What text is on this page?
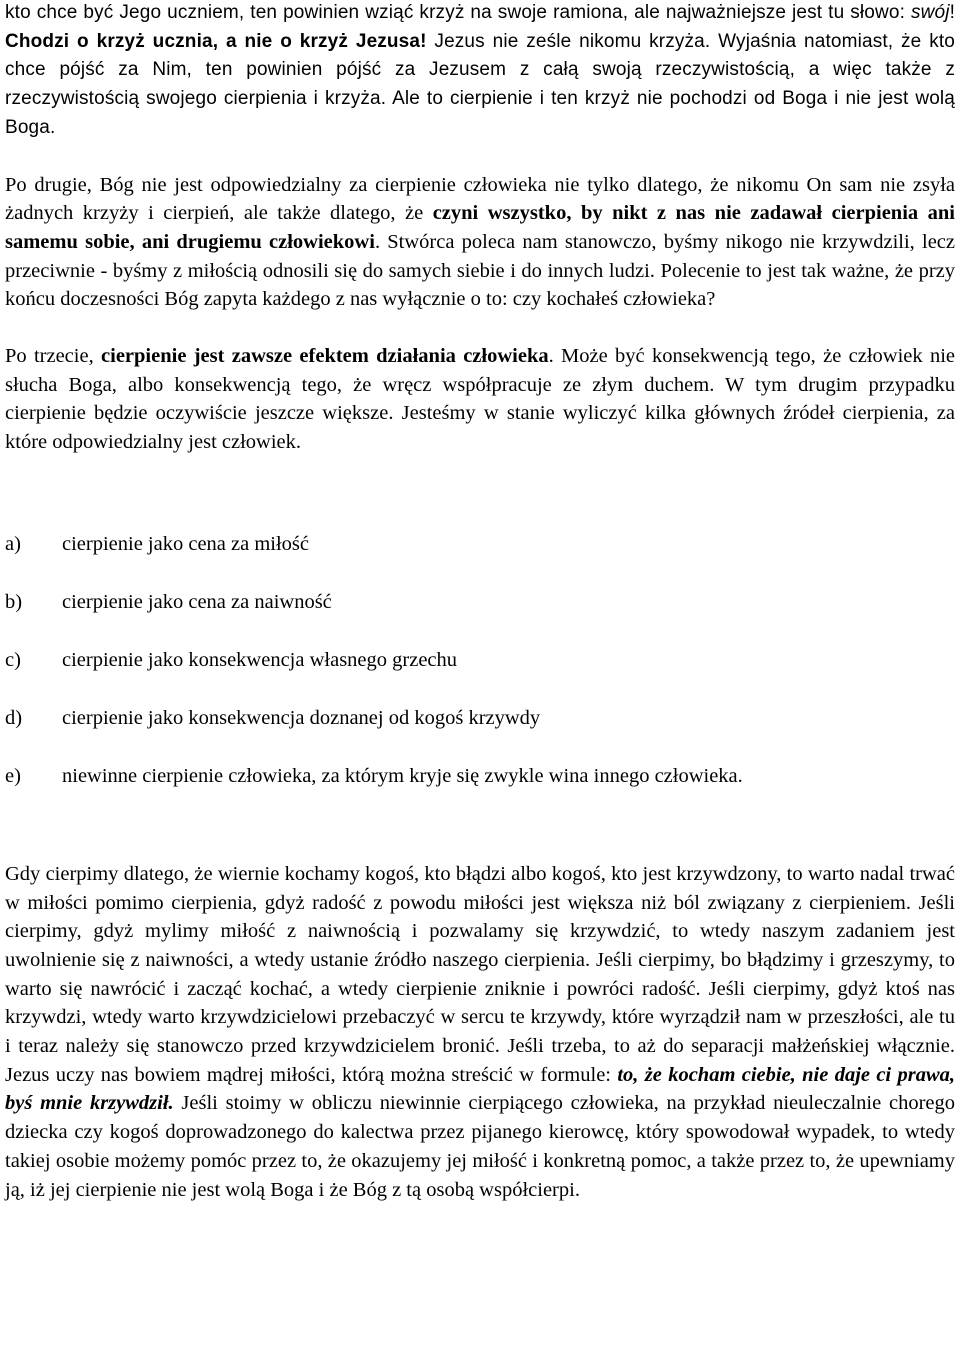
kto chce być Jego uczniem, ten powinien wziąć krzyż na swoje ramiona, ale najważniejsze jest tu słowo: swój! Chodzi o krzyż ucznia, a nie o krzyż Jezusa! Jezus nie ześle nikomu krzyża. Wyjaśnia natomiast, że kto chce pójść za Nim, ten powinien pójść za Jezusem z całą swoją rzeczywistością, a więc także z rzeczywistością swojego cierpienia i krzyża. Ale to cierpienie i ten krzyż nie pochodzi od Boga i nie jest wolą Boga.

Po drugie, Bóg nie jest odpowiedzialny za cierpienie człowieka nie tylko dlatego, że nikomu On sam nie zsyła żadnych krzyży i cierpień, ale także dlatego, że czyni wszystko, by nikt z nas nie zadawał cierpienia ani samemu sobie, ani drugiemu człowiekowi. Stwórca poleca nam stanowczo, byśmy nikogo nie krzywdzili, lecz przeciwnie - byśmy z miłością odnosili się do samych siebie i do innych ludzi. Polecenie to jest tak ważne, że przy końcu doczesności Bóg zapyta każdego z nas wyłącznie o to: czy kochałeś człowieka?

Po trzecie, cierpienie jest zawsze efektem działania człowieka. Może być konsekwencją tego, że człowiek nie słucha Boga, albo konsekwencją tego, że wręcz współpracuje ze złym duchem. W tym drugim przypadku cierpienie będzie oczywiście jeszcze większe. Jesteśmy w stanie wyliczyć kilka głównych źródeł cierpienia, za które odpowiedzialny jest człowiek.

a)	cierpienie jako cena za miłość
b)	cierpienie jako cena za naiwność
c)	cierpienie jako konsekwencja własnego grzechu
d)	cierpienie jako konsekwencja doznanej od kogoś krzywdy
e)	niewinne cierpienie człowieka, za którym kryje się zwykle wina innego człowieka.

Gdy cierpimy dlatego, że wiernie kochamy kogoś, kto błądzi albo kogoś, kto jest krzywdzony, to warto nadal trwać w miłości pomimo cierpienia, gdyż radość z powodu miłości jest większa niż ból związany z cierpieniem. Jeśli cierpimy, gdyż mylimy miłość z naiwnością i pozwalamy się krzywdzić, to wtedy naszym zadaniem jest uwolnienie się z naiwności, a wtedy ustanie źródło naszego cierpienia. Jeśli cierpimy, bo błądzimy i grzeszymy, to warto się nawrócić i zacząć kochać, a wtedy cierpienie zniknie i powróci radość. Jeśli cierpimy, gdyż ktoś nas krzywdzi, wtedy warto krzywdzicielowi przebaczyć w sercu te krzywdy, które wyrządził nam w przeszłości, ale tu i teraz należy się stanowczo przed krzywdzicielem bronić. Jeśli trzeba, to aż do separacji małżeńskiej włącznie. Jezus uczy nas bowiem mądrej miłości, którą można streścić w formule: to, że kocham ciebie, nie daje ci prawa, byś mnie krzywdził. Jeśli stoimy w obliczu niewinnie cierpiącego człowieka, na przykład nieuleczalnie chorego dziecka czy kogoś doprowadzonego do kalectwa przez pijanego kierowcę, który spowodował wypadek, to wtedy takiej osobie możemy pomóc przez to, że okazujemy jej miłość i konkretną pomoc, a także przez to, że upewniamy ją, iż jej cierpienie nie jest wolą Boga i że Bóg z tą osobą współcierpi.
